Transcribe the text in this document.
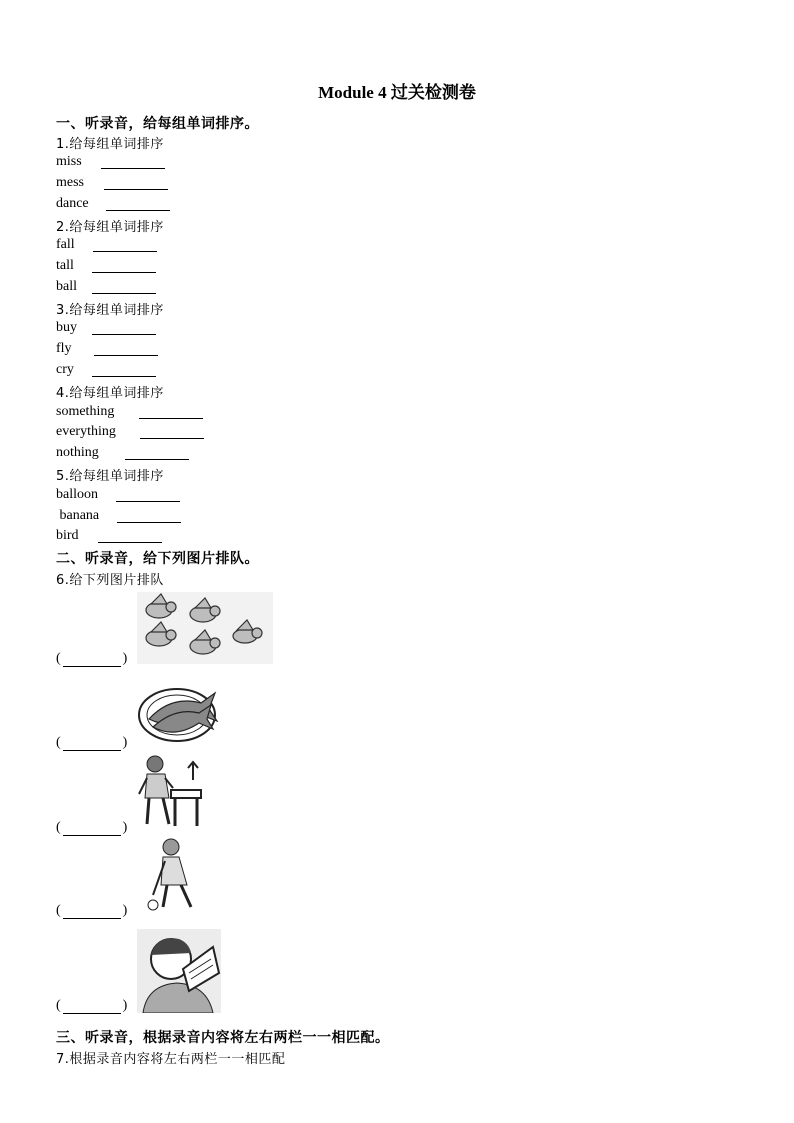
Module 4 过关检测卷
一、听录音，给每组单词排序。
1.给每组单词排序
miss
mess
dance
2.给每组单词排序
fall
tall
ball
3.给每组单词排序
buy
fly
cry
4.给每组单词排序
something
everything
nothing
5.给每组单词排序
balloon
banana
bird
二、听录音，给下列图片排队。
6.给下列图片排队
(	)
(	)
(	)
(	)
(	)
三、听录音，根据录音内容将左右两栏一一相匹配。
7.根据录音内容将左右两栏一一相匹配
